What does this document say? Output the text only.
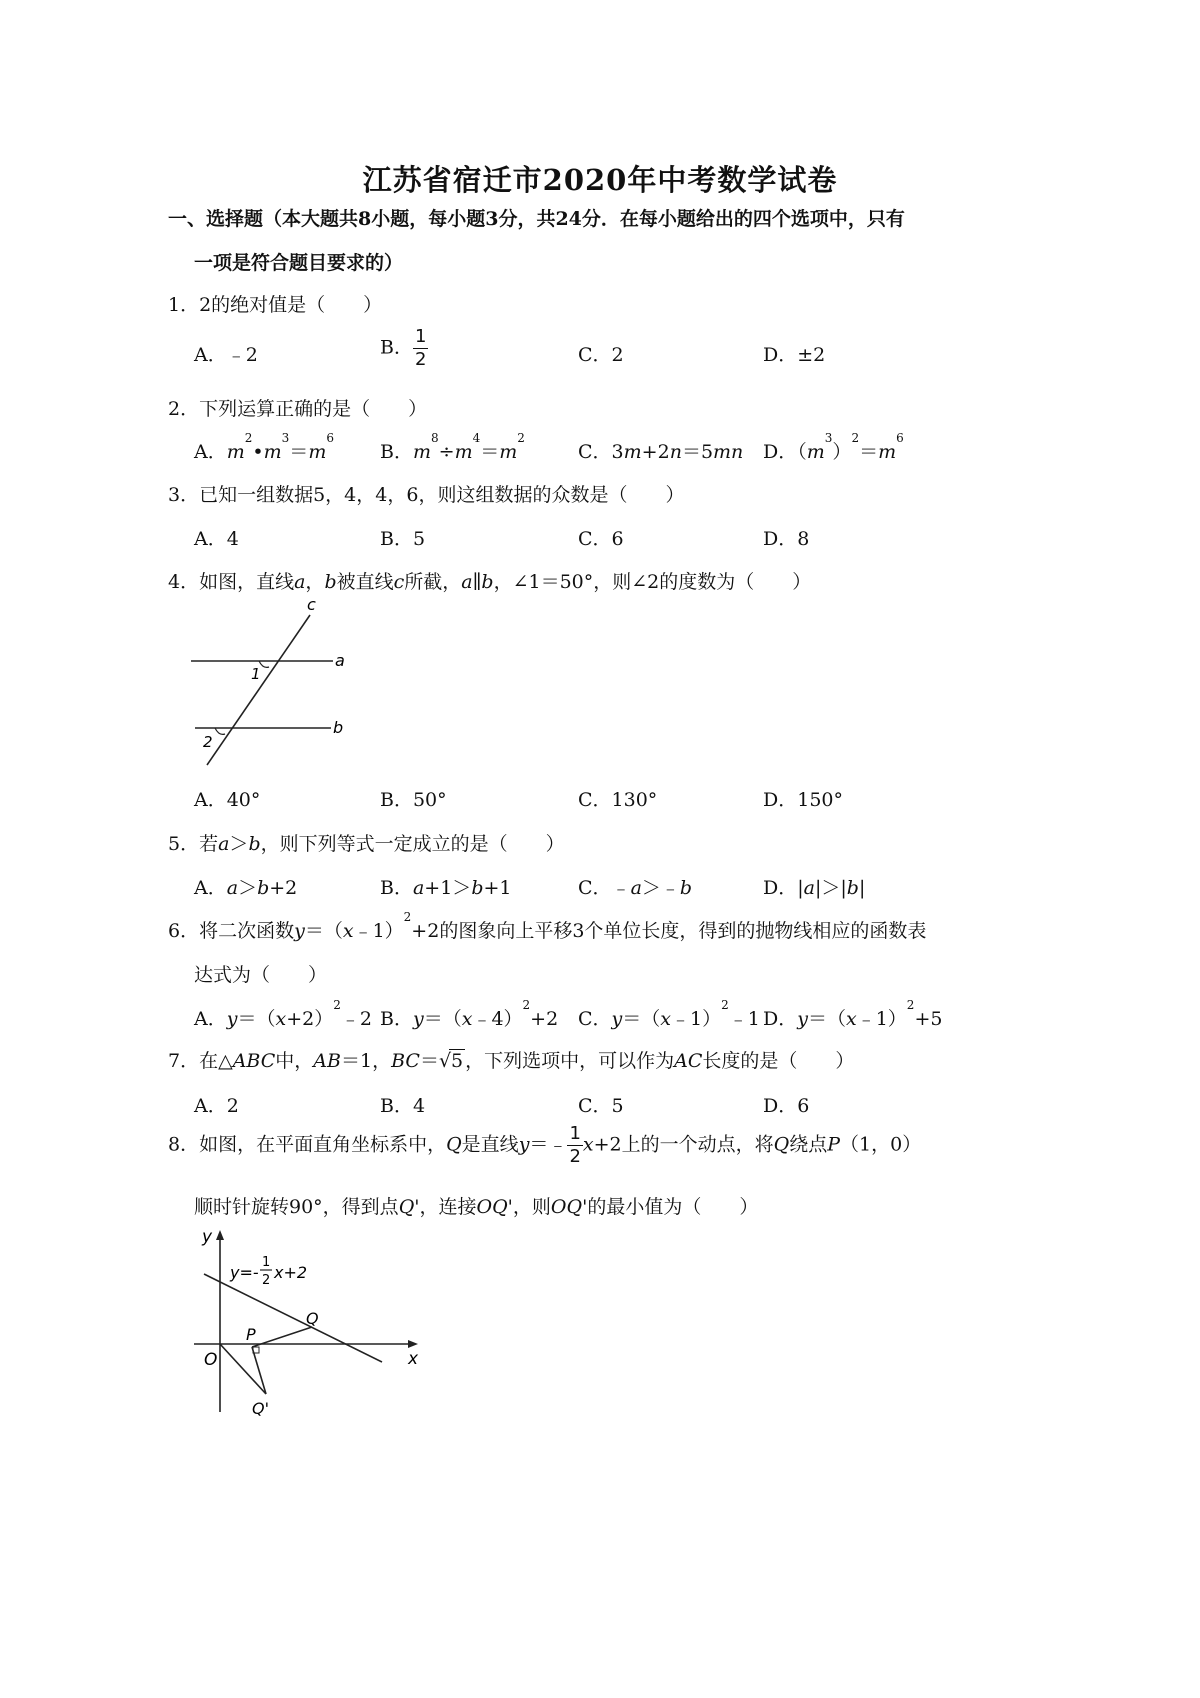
江苏省宿迁市2020年中考数学试卷
一、选择题（本大题共8小题，每小题3分，共24分．在每小题给出的四个选项中，只有
一项是符合题目要求的）
1．2的绝对值是（　　）
A．﹣2	B． $\frac{1}{2}$	C．2	D．±2
2．下列运算正确的是（　　）
A．$m^2•m^3=m^6$
B．$m^8\div m^4=m^2$
C．3m+2n＝5mn D．$(m^3)^2=m^6$
3．已知一组数据5，4，4，6，则这组数据的众数是（　　）
A．4	B．5	C．6	D．8
4．如图，直线a，b被直线c所截，a∥b，∠1＝50°，则∠2的度数为（　　）
c
a
b
1
2
A．40°	B．50°	C．130°	D．150°
5．若a＞b，则下列等式一定成立的是（　　）
A．a＞b+2	B．a+1＞b+1	C．﹣a＞﹣b	D．|a|＞|b|
6．将二次函数y＝（x﹣1）$^2$+2的图象向上平移3个单位长度，得到的抛物线相应的函数表
达式为（　　）
A．$y=(x+2)^2﹣2$ B．y＝（x﹣4）$^2$+2 C．y＝（x﹣1）$^2$﹣1 D．y＝（x﹣1）$^2$+5
7．在△ABC中，AB＝1，BC＝√5 ，下列选项中，可以作为AC长度的是（　　）
A．2	B．4	C．5	D．6
8．如图，在平面直角坐标系中，Q是直线y＝﹣ $\frac{1}{2} x+2$上的一个动点，将Q绕点P（1，0）
顺时针旋转90°，得到点Q'，连接OQ'，则OQ'的最小值为（　　）
y
x
O
P
Q
Q'
y=-
1
2 x+2
